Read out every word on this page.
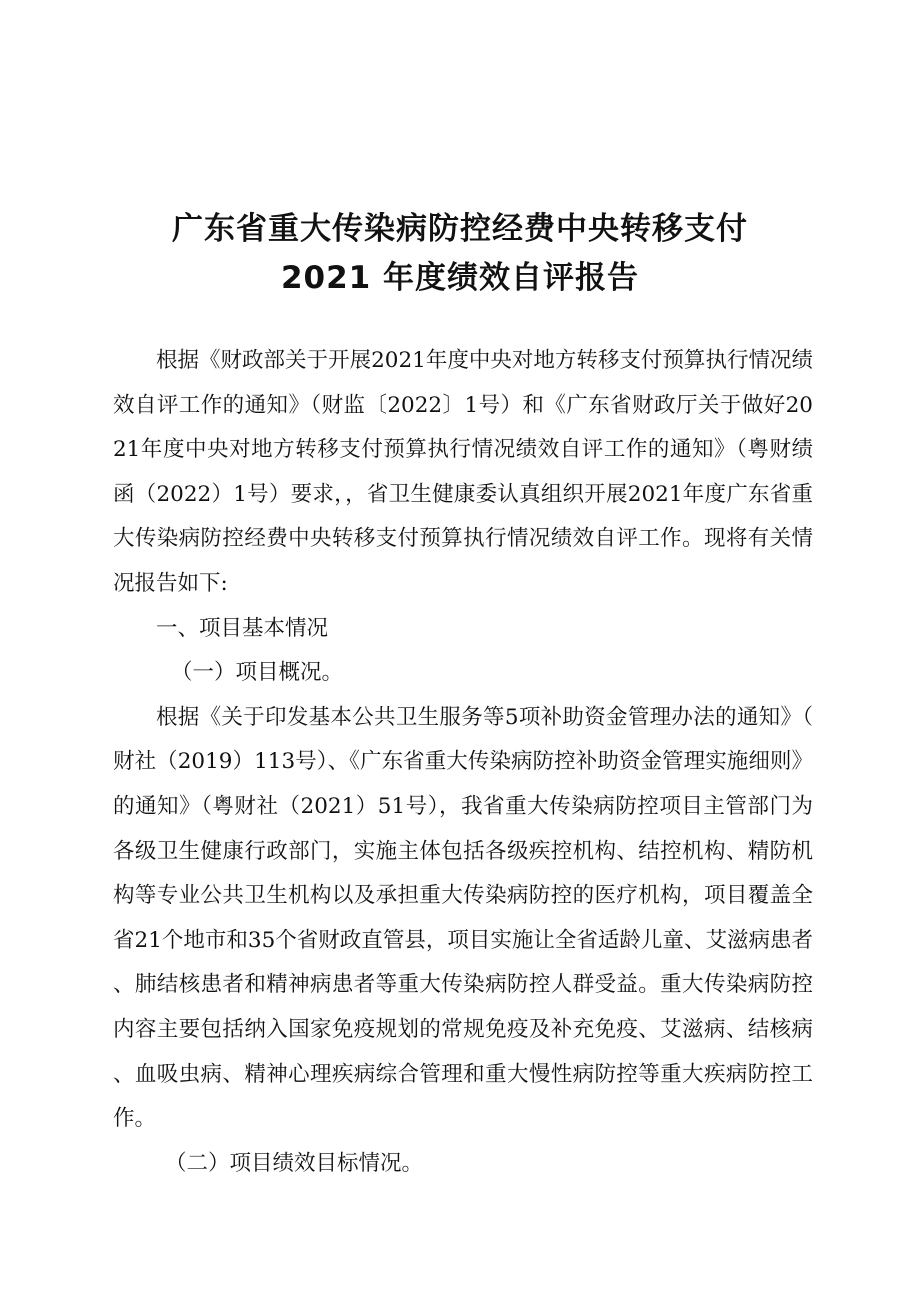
广东省重大传染病防控经费中央转移支付
2021 年度绩效自评报告

根据《财政部关于开展2021年度中央对地方转移支付预算执行情况绩效自评工作的通知》（财监〔2022〕1号）和《广东省财政厅关于做好2021年度中央对地方转移支付预算执行情况绩效自评工作的通知》（粤财绩函（2022）1号）要求，，省卫生健康委认真组织开展2021年度广东省重大传染病防控经费中央转移支付预算执行情况绩效自评工作。现将有关情况报告如下:

一、项目基本情况

（一）项目概况。

根据《关于印发基本公共卫生服务等5项补助资金管理办法的通知》（财社（2019）113号）、《广东省重大传染病防控补助资金管理实施细则》的通知》（粤财社（2021）51号），我省重大传染病防控项目主管部门为各级卫生健康行政部门，实施主体包括各级疾控机构、结控机构、精防机构等专业公共卫生机构以及承担重大传染病防控的医疗机构，项目覆盖全省21个地市和35个省财政直管县，项目实施让全省适龄儿童、艾滋病患者、肺结核患者和精神病患者等重大传染病防控人群受益。重大传染病防控内容主要包括纳入国家免疫规划的常规免疫及补充免疫、艾滋病、结核病、血吸虫病、精神心理疾病综合管理和重大慢性病防控等重大疾病防控工作。

（二）项目绩效目标情况。
